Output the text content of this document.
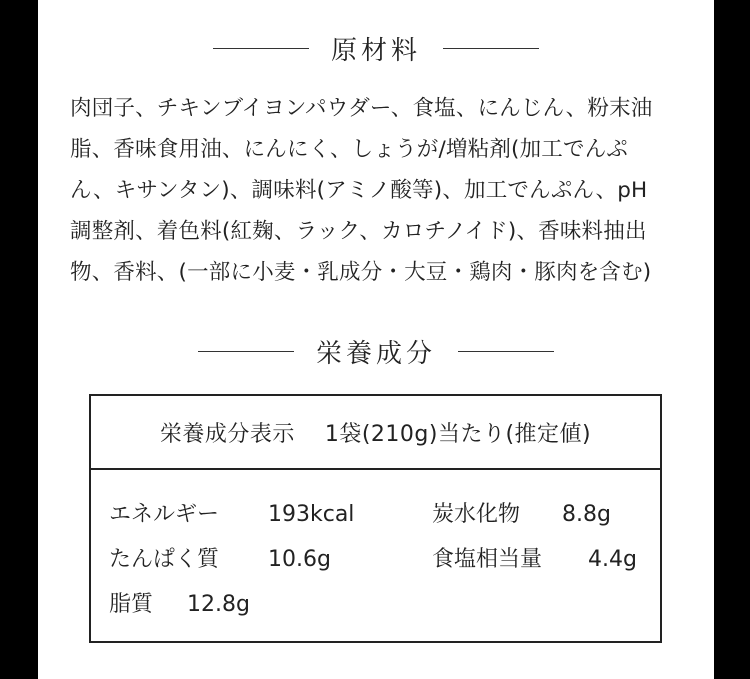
原材料
肉団子、チキンブイヨンパウダー、食塩、にんじん、粉末油
脂、香味食用油、にんにく、しょうが/増粘剤(加工でんぷ
ん、キサンタン)、調味料(アミノ酸等)、加工でんぷん、pH
調整剤、着色料(紅麹、ラック、カロチノイド)、香味料抽出
物、香料、(一部に小麦・乳成分・大豆・鶏肉・豚肉を含む)
栄養成分
栄養成分表示　 1袋(210g)当たり(推定値)
エネルギー 193kcal	炭水化物 8.8g
たんぱく質 10.6g	食塩相当量 4.4g
脂質 12.8g
